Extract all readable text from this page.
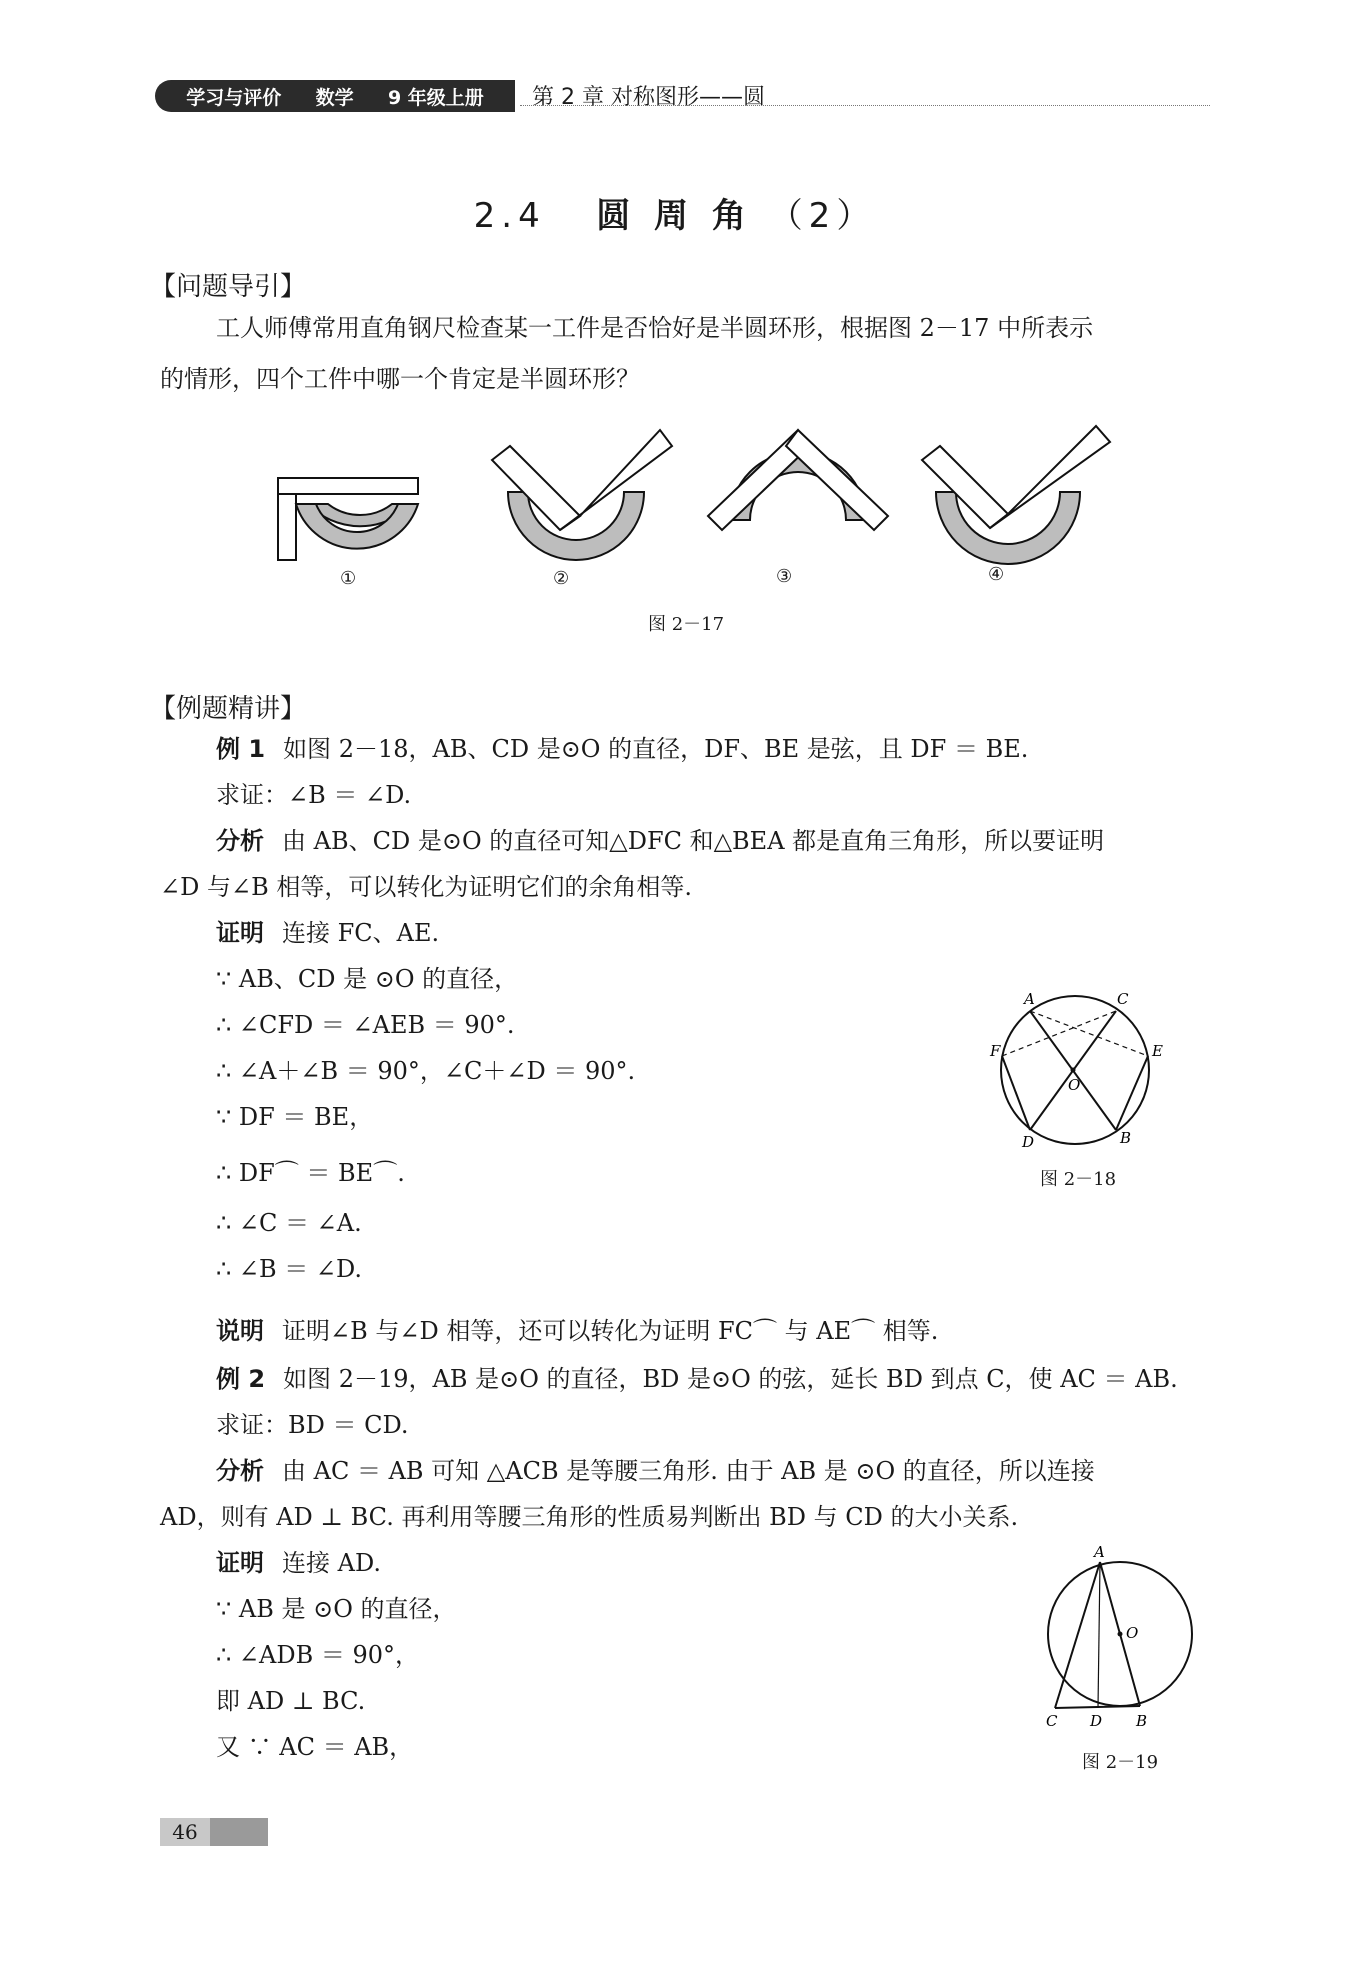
学习与评价 数学 9 年级上册 第 2 章 对称图形——圆
2.4 圆 周 角 （2）
【问题导引】
工人师傅常用直角钢尺检查某一工件是否恰好是半圆环形，根据图 2－17 中所表示
的情形，四个工件中哪一个肯定是半圆环形？
①	②	③	④
图 2－17
【例题精讲】
例 1 如图 2－18，AB、CD 是⊙O 的直径，DF、BE 是弦，且 DF ＝ BE.
求证：∠B ＝ ∠D.
分析 由 AB、CD 是⊙O 的直径可知△DFC 和△BEA 都是直角三角形，所以要证明
∠D 与∠B 相等，可以转化为证明它们的余角相等.
证明 连接 FC、AE.
∵ AB、CD 是 ⊙O 的直径，
∴ ∠CFD ＝ ∠AEB ＝ 90°.
∴ ∠A＋∠B ＝ 90°，∠C＋∠D ＝ 90°.
∵ DF ＝ BE，
∴ DF⌒ ＝ BE⌒.
∴ ∠C ＝ ∠A.
∴ ∠B ＝ ∠D.
说明 证明∠B 与∠D 相等，还可以转化为证明 FC⌒ 与 AE⌒ 相等.
A	C
F	E
O
D	B
图 2－18
例 2 如图 2－19，AB 是⊙O 的直径，BD 是⊙O 的弦，延长 BD 到点 C，使 AC ＝ AB.
求证：BD ＝ CD.
分析 由 AC ＝ AB 可知 △ACB 是等腰三角形. 由于 AB 是 ⊙O 的直径，所以连接
AD，则有 AD ⊥ BC. 再利用等腰三角形的性质易判断出 BD 与 CD 的大小关系.
证明 连接 AD.
∵ AB 是 ⊙O 的直径，
∴ ∠ADB ＝ 90°，
即 AD ⊥ BC.
又 ∵ AC ＝ AB，
A
O
C D B
图 2－19
46
